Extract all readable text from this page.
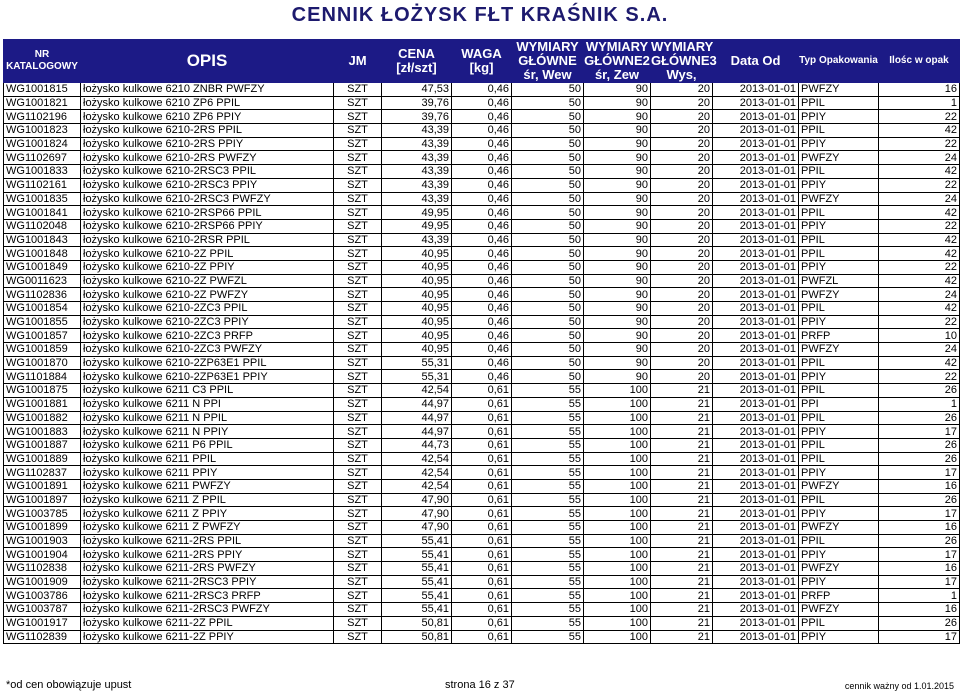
CENNIK ŁOŻYSK FŁT KRAŚNIK S.A.
NR KATALOGOWY	OPIS	JM	CENA [zł/szt]	WAGA [kg]	WYMIARY GŁÓWNE śr, Wew	WYMIARY GŁÓWNE2 śr, Zew	WYMIARY GŁÓWNE3 Wys,	Data Od	Typ Opakowania	Ilośc w opak
WG1001815	łożysko kulkowe 6210 ZNBR PWFZY	SZT	47,53	0,46	50	90	20	2013-01-01	PWFZY	16
WG1001821	łożysko kulkowe 6210 ZP6 PPIL	SZT	39,76	0,46	50	90	20	2013-01-01	PPIL	1
WG1102196	łożysko kulkowe 6210 ZP6 PPIY	SZT	39,76	0,46	50	90	20	2013-01-01	PPIY	22
WG1001823	łożysko kulkowe 6210-2RS PPIL	SZT	43,39	0,46	50	90	20	2013-01-01	PPIL	42
WG1001824	łożysko kulkowe 6210-2RS PPIY	SZT	43,39	0,46	50	90	20	2013-01-01	PPIY	22
WG1102697	łożysko kulkowe 6210-2RS PWFZY	SZT	43,39	0,46	50	90	20	2013-01-01	PWFZY	24
WG1001833	łożysko kulkowe 6210-2RSC3 PPIL	SZT	43,39	0,46	50	90	20	2013-01-01	PPIL	42
WG1102161	łożysko kulkowe 6210-2RSC3 PPIY	SZT	43,39	0,46	50	90	20	2013-01-01	PPIY	22
WG1001835	łożysko kulkowe 6210-2RSC3 PWFZY	SZT	43,39	0,46	50	90	20	2013-01-01	PWFZY	24
WG1001841	łożysko kulkowe 6210-2RSP66 PPIL	SZT	49,95	0,46	50	90	20	2013-01-01	PPIL	42
WG1102048	łożysko kulkowe 6210-2RSP66 PPIY	SZT	49,95	0,46	50	90	20	2013-01-01	PPIY	22
WG1001843	łożysko kulkowe 6210-2RSR PPIL	SZT	43,39	0,46	50	90	20	2013-01-01	PPIL	42
WG1001848	łożysko kulkowe 6210-2Z PPIL	SZT	40,95	0,46	50	90	20	2013-01-01	PPIL	42
WG1001849	łożysko kulkowe 6210-2Z PPIY	SZT	40,95	0,46	50	90	20	2013-01-01	PPIY	22
WG0011623	łożysko kulkowe 6210-2Z PWFZL	SZT	40,95	0,46	50	90	20	2013-01-01	PWFZL	42
WG1102836	łożysko kulkowe 6210-2Z PWFZY	SZT	40,95	0,46	50	90	20	2013-01-01	PWFZY	24
WG1001854	łożysko kulkowe 6210-2ZC3 PPIL	SZT	40,95	0,46	50	90	20	2013-01-01	PPIL	42
WG1001855	łożysko kulkowe 6210-2ZC3 PPIY	SZT	40,95	0,46	50	90	20	2013-01-01	PPIY	22
WG1001857	łożysko kulkowe 6210-2ZC3 PRFP	SZT	40,95	0,46	50	90	20	2013-01-01	PRFP	10
WG1001859	łożysko kulkowe 6210-2ZC3 PWFZY	SZT	40,95	0,46	50	90	20	2013-01-01	PWFZY	24
WG1001870	łożysko kulkowe 6210-2ZP63E1 PPIL	SZT	55,31	0,46	50	90	20	2013-01-01	PPIL	42
WG1101884	łożysko kulkowe 6210-2ZP63E1 PPIY	SZT	55,31	0,46	50	90	20	2013-01-01	PPIY	22
WG1001875	łożysko kulkowe 6211 C3 PPIL	SZT	42,54	0,61	55	100	21	2013-01-01	PPIL	26
WG1001881	łożysko kulkowe 6211 N PPI	SZT	44,97	0,61	55	100	21	2013-01-01	PPI	1
WG1001882	łożysko kulkowe 6211 N PPIL	SZT	44,97	0,61	55	100	21	2013-01-01	PPIL	26
WG1001883	łożysko kulkowe 6211 N PPIY	SZT	44,97	0,61	55	100	21	2013-01-01	PPIY	17
WG1001887	łożysko kulkowe 6211 P6 PPIL	SZT	44,73	0,61	55	100	21	2013-01-01	PPIL	26
WG1001889	łożysko kulkowe 6211 PPIL	SZT	42,54	0,61	55	100	21	2013-01-01	PPIL	26
WG1102837	łożysko kulkowe 6211 PPIY	SZT	42,54	0,61	55	100	21	2013-01-01	PPIY	17
WG1001891	łożysko kulkowe 6211 PWFZY	SZT	42,54	0,61	55	100	21	2013-01-01	PWFZY	16
WG1001897	łożysko kulkowe 6211 Z PPIL	SZT	47,90	0,61	55	100	21	2013-01-01	PPIL	26
WG1003785	łożysko kulkowe 6211 Z PPIY	SZT	47,90	0,61	55	100	21	2013-01-01	PPIY	17
WG1001899	łożysko kulkowe 6211 Z PWFZY	SZT	47,90	0,61	55	100	21	2013-01-01	PWFZY	16
WG1001903	łożysko kulkowe 6211-2RS PPIL	SZT	55,41	0,61	55	100	21	2013-01-01	PPIL	26
WG1001904	łożysko kulkowe 6211-2RS PPIY	SZT	55,41	0,61	55	100	21	2013-01-01	PPIY	17
WG1102838	łożysko kulkowe 6211-2RS PWFZY	SZT	55,41	0,61	55	100	21	2013-01-01	PWFZY	16
WG1001909	łożysko kulkowe 6211-2RSC3 PPIY	SZT	55,41	0,61	55	100	21	2013-01-01	PPIY	17
WG1003786	łożysko kulkowe 6211-2RSC3 PRFP	SZT	55,41	0,61	55	100	21	2013-01-01	PRFP	1
WG1003787	łożysko kulkowe 6211-2RSC3 PWFZY	SZT	55,41	0,61	55	100	21	2013-01-01	PWFZY	16
WG1001917	łożysko kulkowe 6211-2Z PPIL	SZT	50,81	0,61	55	100	21	2013-01-01	PPIL	26
WG1102839	łożysko kulkowe 6211-2Z PPIY	SZT	50,81	0,61	55	100	21	2013-01-01	PPIY	17
*od cen obowiązuje upust	strona 16 z 37	cennik ważny od 1.01.2015
